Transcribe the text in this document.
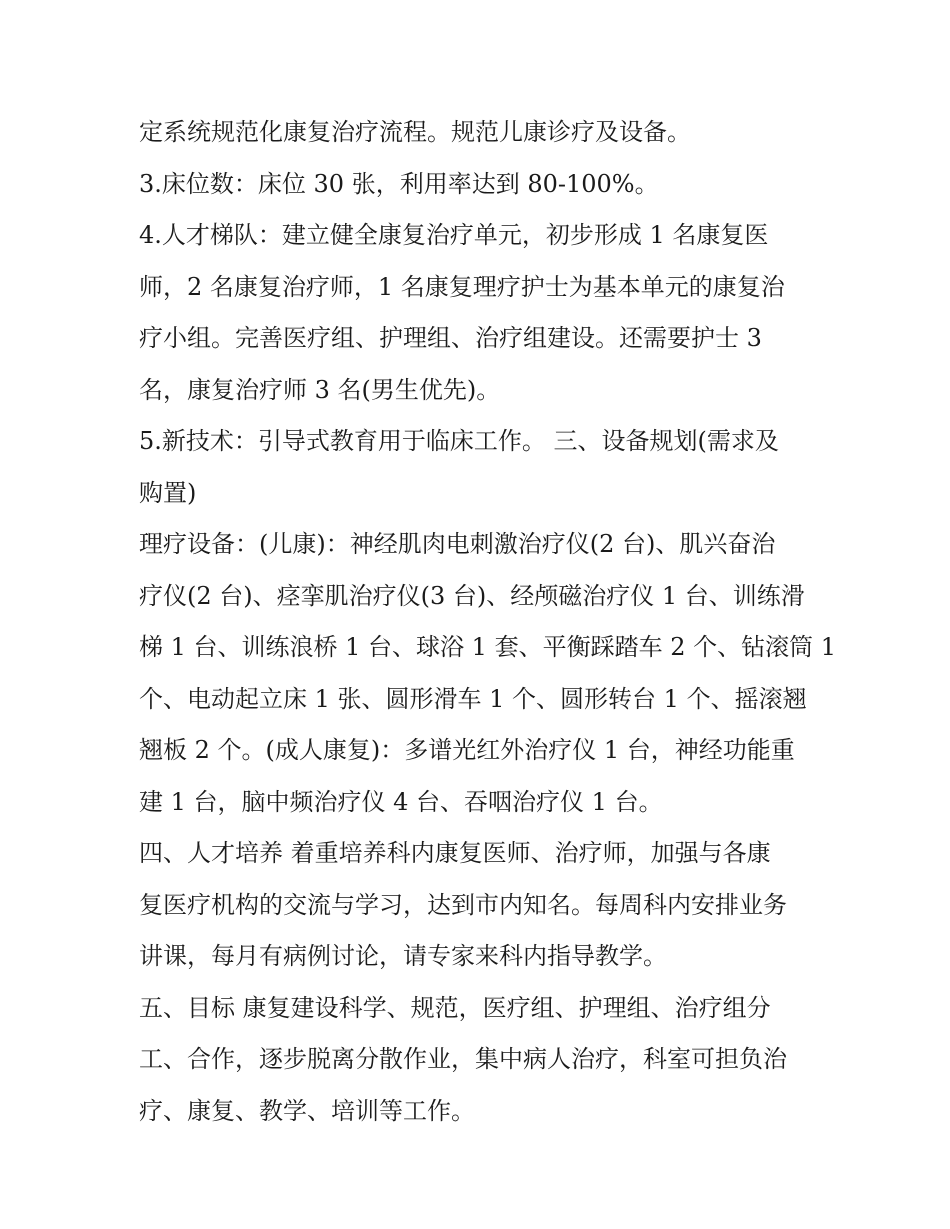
定系统规范化康复治疗流程。规范儿康诊疗及设备。
3.床位数：床位 30 张，利用率达到 80-100%。
4.人才梯队：建立健全康复治疗单元，初步形成 1 名康复医
师，2 名康复治疗师，1 名康复理疗护士为基本单元的康复治
疗小组。完善医疗组、护理组、治疗组建设。还需要护士 3
名，康复治疗师 3 名(男生优先)。
5.新技术：引导式教育用于临床工作。 三、设备规划(需求及
购置)
理疗设备：(儿康)：神经肌肉电刺激治疗仪(2 台)、肌兴奋治
疗仪(2 台)、痉挛肌治疗仪(3 台)、经颅磁治疗仪 1 台、训练滑
梯 1 台、训练浪桥 1 台、球浴 1 套、平衡踩踏车 2 个、钻滚筒 1
个、电动起立床 1 张、圆形滑车 1 个、圆形转台 1 个、摇滚翘
翘板 2 个。(成人康复)：多谱光红外治疗仪 1 台，神经功能重
建 1 台，脑中频治疗仪 4 台、吞咽治疗仪 1 台。
四、人才培养 着重培养科内康复医师、治疗师，加强与各康
复医疗机构的交流与学习，达到市内知名。每周科内安排业务
讲课，每月有病例讨论，请专家来科内指导教学。
五、目标 康复建设科学、规范，医疗组、护理组、治疗组分
工、合作，逐步脱离分散作业，集中病人治疗，科室可担负治
疗、康复、教学、培训等工作。
